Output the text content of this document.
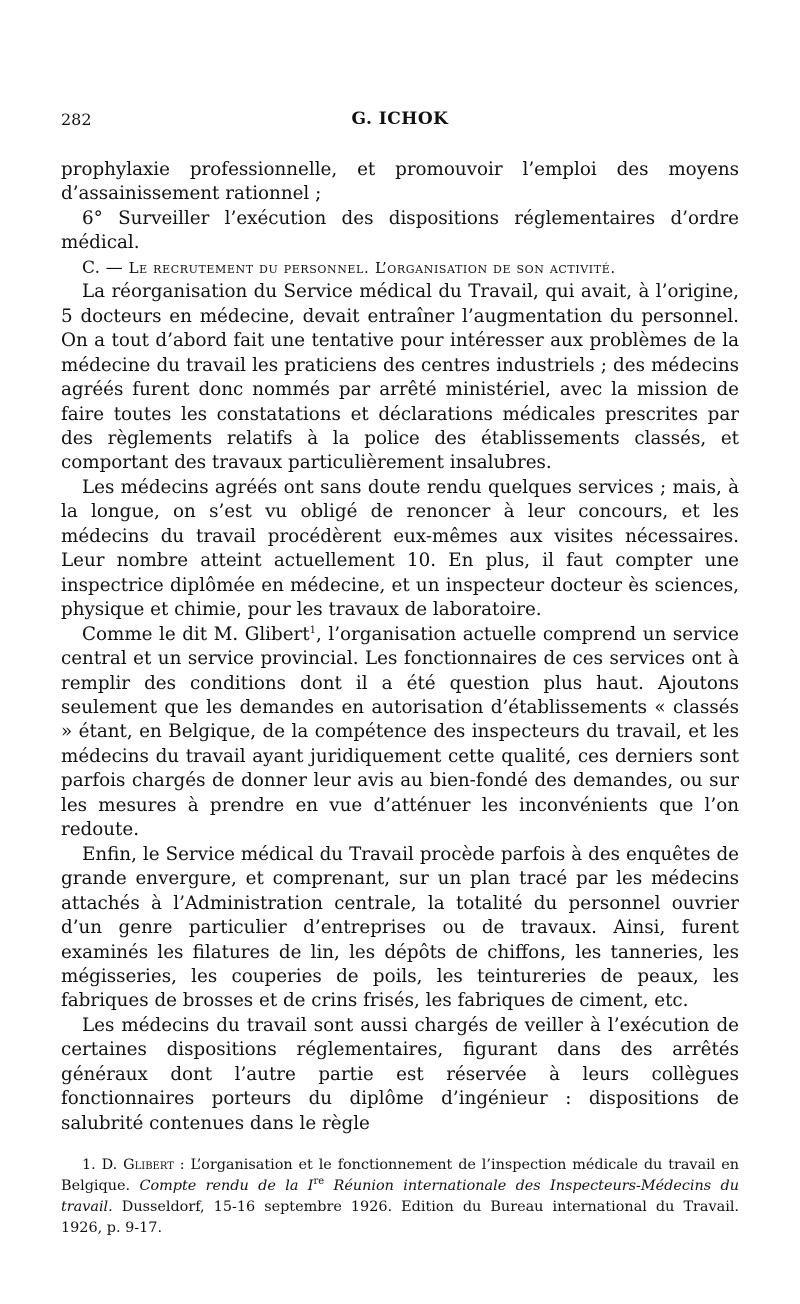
282	G. ICHOK

prophylaxie professionnelle, et promouvoir l’emploi des moyens d’assainissement rationnel ;

6° Surveiller l’exécution des dispositions réglementaires d’ordre médical.

C. — Le recrutement du personnel. L’organisation de son activité.

La réorganisation du Service médical du Travail, qui avait, à l’origine, 5 docteurs en médecine, devait entraîner l’augmentation du personnel. On a tout d’abord fait une tentative pour intéresser aux problèmes de la médecine du travail les praticiens des centres industriels ; des médecins agréés furent donc nommés par arrêté ministériel, avec la mission de faire toutes les constatations et déclarations médicales prescrites par des règlements relatifs à la police des établissements classés, et comportant des travaux particulièrement insalubres.

Les médecins agréés ont sans doute rendu quelques services ; mais, à la longue, on s’est vu obligé de renoncer à leur concours, et les médecins du travail procédèrent eux-mêmes aux visites nécessaires. Leur nombre atteint actuellement 10. En plus, il faut compter une inspectrice diplômée en médecine, et un inspecteur docteur ès sciences, physique et chimie, pour les travaux de laboratoire.

Comme le dit M. Glibert$^1$, l’organisation actuelle comprend un service central et un service provincial. Les fonctionnaires de ces services ont à remplir des conditions dont il a été question plus haut. Ajoutons seulement que les demandes en autorisation d’établissements « classés » étant, en Belgique, de la compétence des inspecteurs du travail, et les médecins du travail ayant juridiquement cette qualité, ces derniers sont parfois chargés de donner leur avis au bien-fondé des demandes, ou sur les mesures à prendre en vue d’atténuer les inconvénients que l’on redoute.

Enfin, le Service médical du Travail procède parfois à des enquêtes de grande envergure, et comprenant, sur un plan tracé par les médecins attachés à l’Administration centrale, la totalité du personnel ouvrier d’un genre particulier d’entreprises ou de travaux. Ainsi, furent examinés les filatures de lin, les dépôts de chiffons, les tanneries, les mégisseries, les couperies de poils, les teintureries de peaux, les fabriques de brosses et de crins frisés, les fabriques de ciment, etc.

Les médecins du travail sont aussi chargés de veiller à l’exécution de certaines dispositions réglementaires, figurant dans des arrêtés généraux dont l’autre partie est réservée à leurs collègues fonctionnaires porteurs du diplôme d’ingénieur : dispositions de salubrité contenues dans le règle

1. D. Glibert : L’organisation et le fonctionnement de l’inspection médicale du travail en Belgique. Compte rendu de la Ire Réunion internationale des Inspecteurs-Médecins du travail. Dusseldorf, 15-16 septembre 1926. Edition du Bureau international du Travail. 1926, p. 9-17.
